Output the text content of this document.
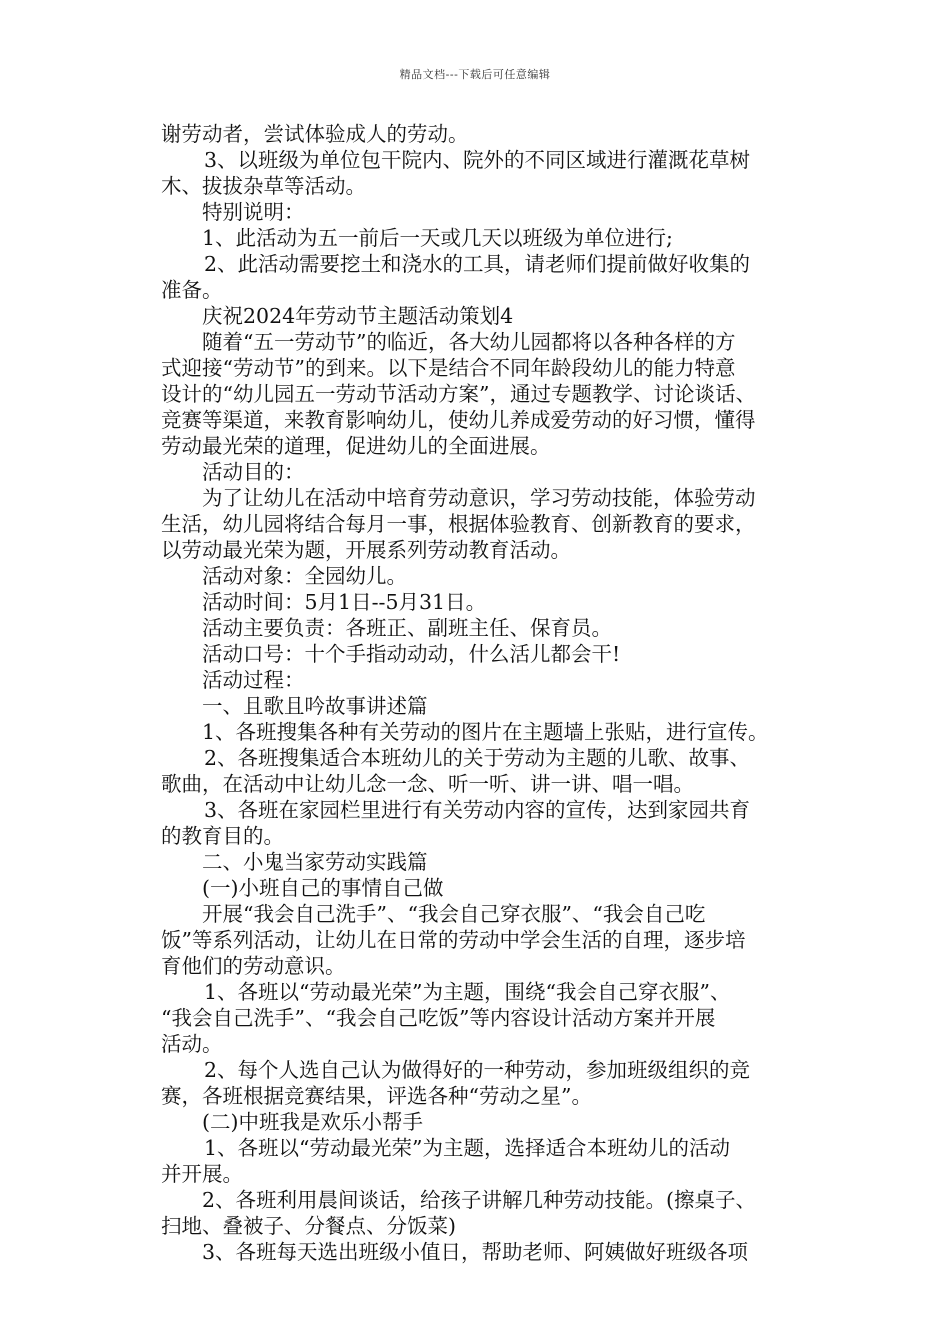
精品文档---下载后可任意编辑
谢劳动者，尝试体验成人的劳动。
3、以班级为单位包干院内、院外的不同区域进行灌溉花草树
木、拔拔杂草等活动。
特别说明：
1、此活动为五一前后一天或几天以班级为单位进行;
2、此活动需要挖土和浇水的工具，请老师们提前做好收集的
准备。
庆祝2024年劳动节主题活动策划4
随着“五一劳动节”的临近，各大幼儿园都将以各种各样的方
式迎接“劳动节”的到来。以下是结合不同年龄段幼儿的能力特意
设计的“幼儿园五一劳动节活动方案”，通过专题教学、讨论谈话、
竞赛等渠道，来教育影响幼儿，使幼儿养成爱劳动的好习惯，懂得
劳动最光荣的道理，促进幼儿的全面进展。
活动目的：
为了让幼儿在活动中培育劳动意识，学习劳动技能，体验劳动
生活，幼儿园将结合每月一事，根据体验教育、创新教育的要求，
以劳动最光荣为题，开展系列劳动教育活动。
活动对象：全园幼儿。
活动时间：5月1日--5月31日。
活动主要负责：各班正、副班主任、保育员。
活动口号：十个手指动动动，什么活儿都会干!
活动过程：
一、且歌且吟故事讲述篇
1、各班搜集各种有关劳动的图片在主题墙上张贴，进行宣传。
2、各班搜集适合本班幼儿的关于劳动为主题的儿歌、故事、
歌曲，在活动中让幼儿念一念、听一听、讲一讲、唱一唱。
3、各班在家园栏里进行有关劳动内容的宣传，达到家园共育
的教育目的。
二、小鬼当家劳动实践篇
(一)小班自己的事情自己做
开展“我会自己洗手”、“我会自己穿衣服”、“我会自己吃
饭”等系列活动，让幼儿在日常的劳动中学会生活的自理，逐步培
育他们的劳动意识。
1、各班以“劳动最光荣”为主题，围绕“我会自己穿衣服”、
“我会自己洗手”、“我会自己吃饭”等内容设计活动方案并开展
活动。
2、每个人选自己认为做得好的一种劳动，参加班级组织的竞
赛，各班根据竞赛结果，评选各种“劳动之星”。
(二)中班我是欢乐小帮手
1、各班以“劳动最光荣”为主题，选择适合本班幼儿的活动
并开展。
2、各班利用晨间谈话，给孩子讲解几种劳动技能。(擦桌子、
扫地、叠被子、分餐点、分饭菜)
3、各班每天选出班级小值日，帮助老师、阿姨做好班级各项
